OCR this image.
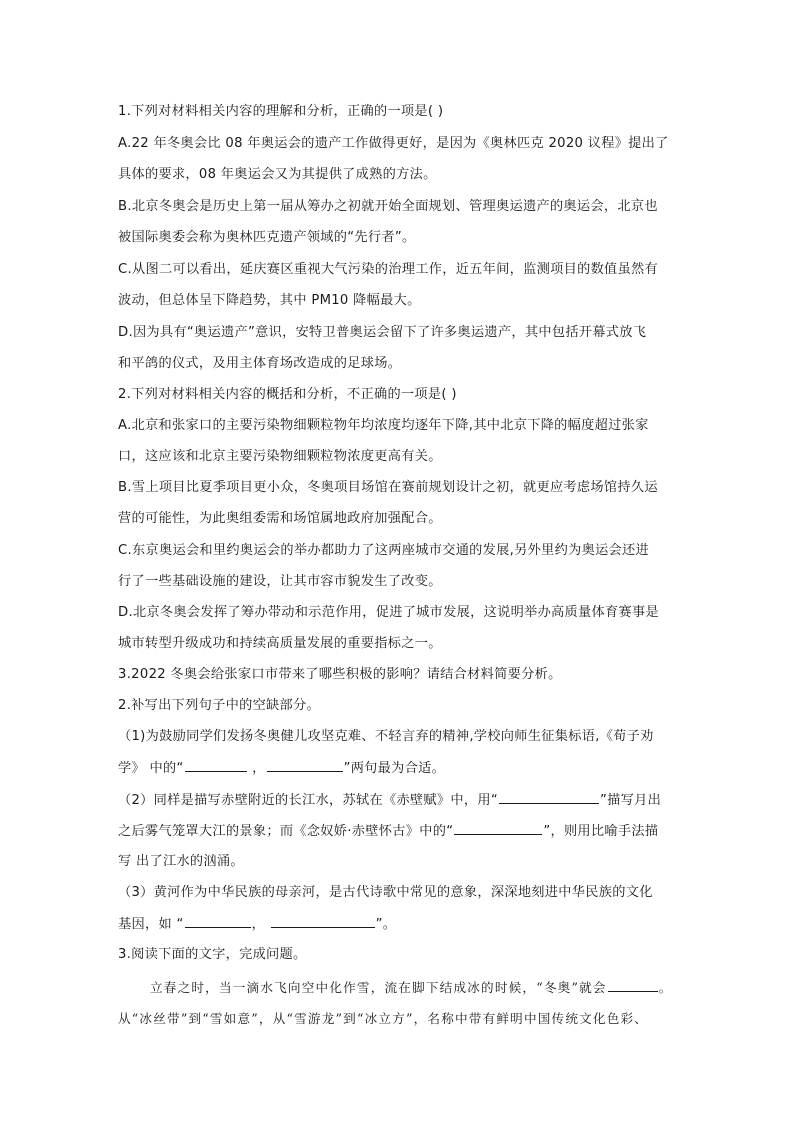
1.下列对材料相关内容的理解和分析，正确的一项是( )
A.22 年冬奥会比 08 年奥运会的遗产工作做得更好，是因为《奥林匹克 2020 议程》提出了
具体的要求，08 年奥运会又为其提供了成熟的方法。
B.北京冬奥会是历史上第一届从筹办之初就开始全面规划、管理奥运遗产的奥运会，北京也
被国际奥委会称为奥林匹克遗产领域的“先行者”。
C.从图二可以看出，延庆赛区重视大气污染的治理工作，近五年间，监测项目的数值虽然有
波动，但总体呈下降趋势，其中 PM10 降幅最大。
D.因为具有“奥运遗产”意识，安特卫普奥运会留下了许多奥运遗产，其中包括开幕式放飞
和平鸽的仪式，及用主体育场改造成的足球场。
2.下列对材料相关内容的概括和分析，不正确的一项是( )
A.北京和张家口的主要污染物细颗粒物年均浓度均逐年下降,其中北京下降的幅度超过张家
口，这应该和北京主要污染物细颗粒物浓度更高有关。
B.雪上项目比夏季项目更小众，冬奥项目场馆在赛前规划设计之初，就更应考虑场馆持久运
营的可能性，为此奥组委需和场馆属地政府加强配合。
C.东京奥运会和里约奥运会的举办都助力了这两座城市交通的发展,另外里约为奥运会还进
行了一些基础设施的建设，让其市容市貌发生了改变。
D.北京冬奥会发挥了筹办带动和示范作用，促进了城市发展，这说明举办高质量体育赛事是
城市转型升级成功和持续高质量发展的重要指标之一。
3.2022 冬奥会给张家口市带来了哪些积极的影响？请结合材料简要分析。
2.补写出下列句子中的空缺部分。
（1)为鼓励同学们发扬冬奥健儿攻坚克难、不轻言弃的精神,学校向师生征集标语,《荀子劝
学》 中的“	，	”两句最为合适。
（2）同样是描写赤壁附近的长江水，苏轼在《赤壁赋》中，用“	”描写月出
之后雾气笼罩大江的景象；而《念奴娇·赤壁怀古》中的“	”，则用比喻手法描
写 出了江水的汹涌。
（3）黄河作为中华民族的母亲河，是古代诗歌中常见的意象，深深地刻进中华民族的文化
基因，如 “	，	”。
3.阅读下面的文字，完成问题。
立春之时，当一滴水飞向空中化作雪，流在脚下结成冰的时候，“冬奥”就会	。
从“冰丝带”到“雪如意”，从“雪游龙”到“冰立方”，名称中带有鲜明中国传统文化色彩、
